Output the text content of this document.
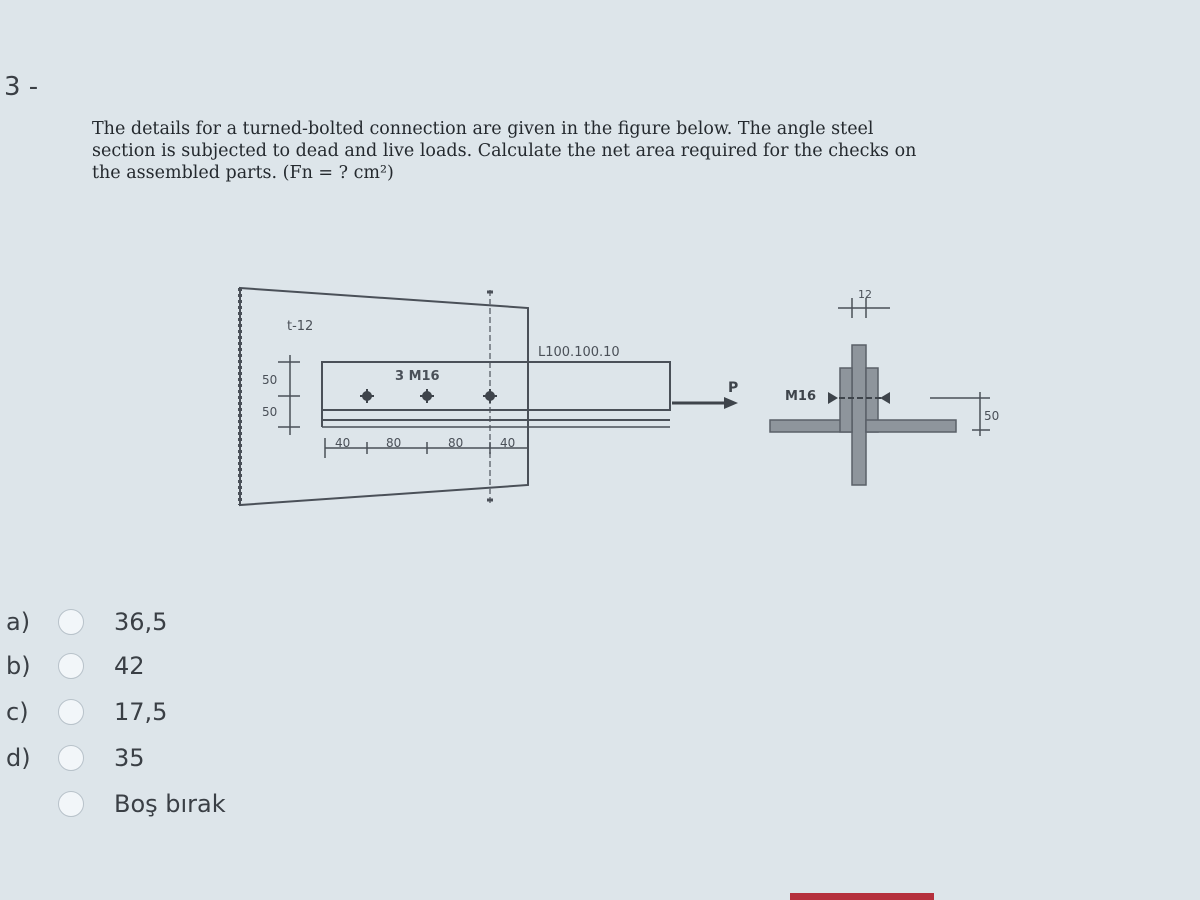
3 -
The details for a turned-bolted connection are given in the figure below. The angle steel
section is subjected to dead and live loads. Calculate the net area required for the checks on
the assembled parts. (Fn = ? cm²)
t-12
L100.100.10
3 M16
50
50
40	80	80	40
P
M16
12
50
a)	36,5
b)	42
c)	17,5
d)	35
Boş bırak
